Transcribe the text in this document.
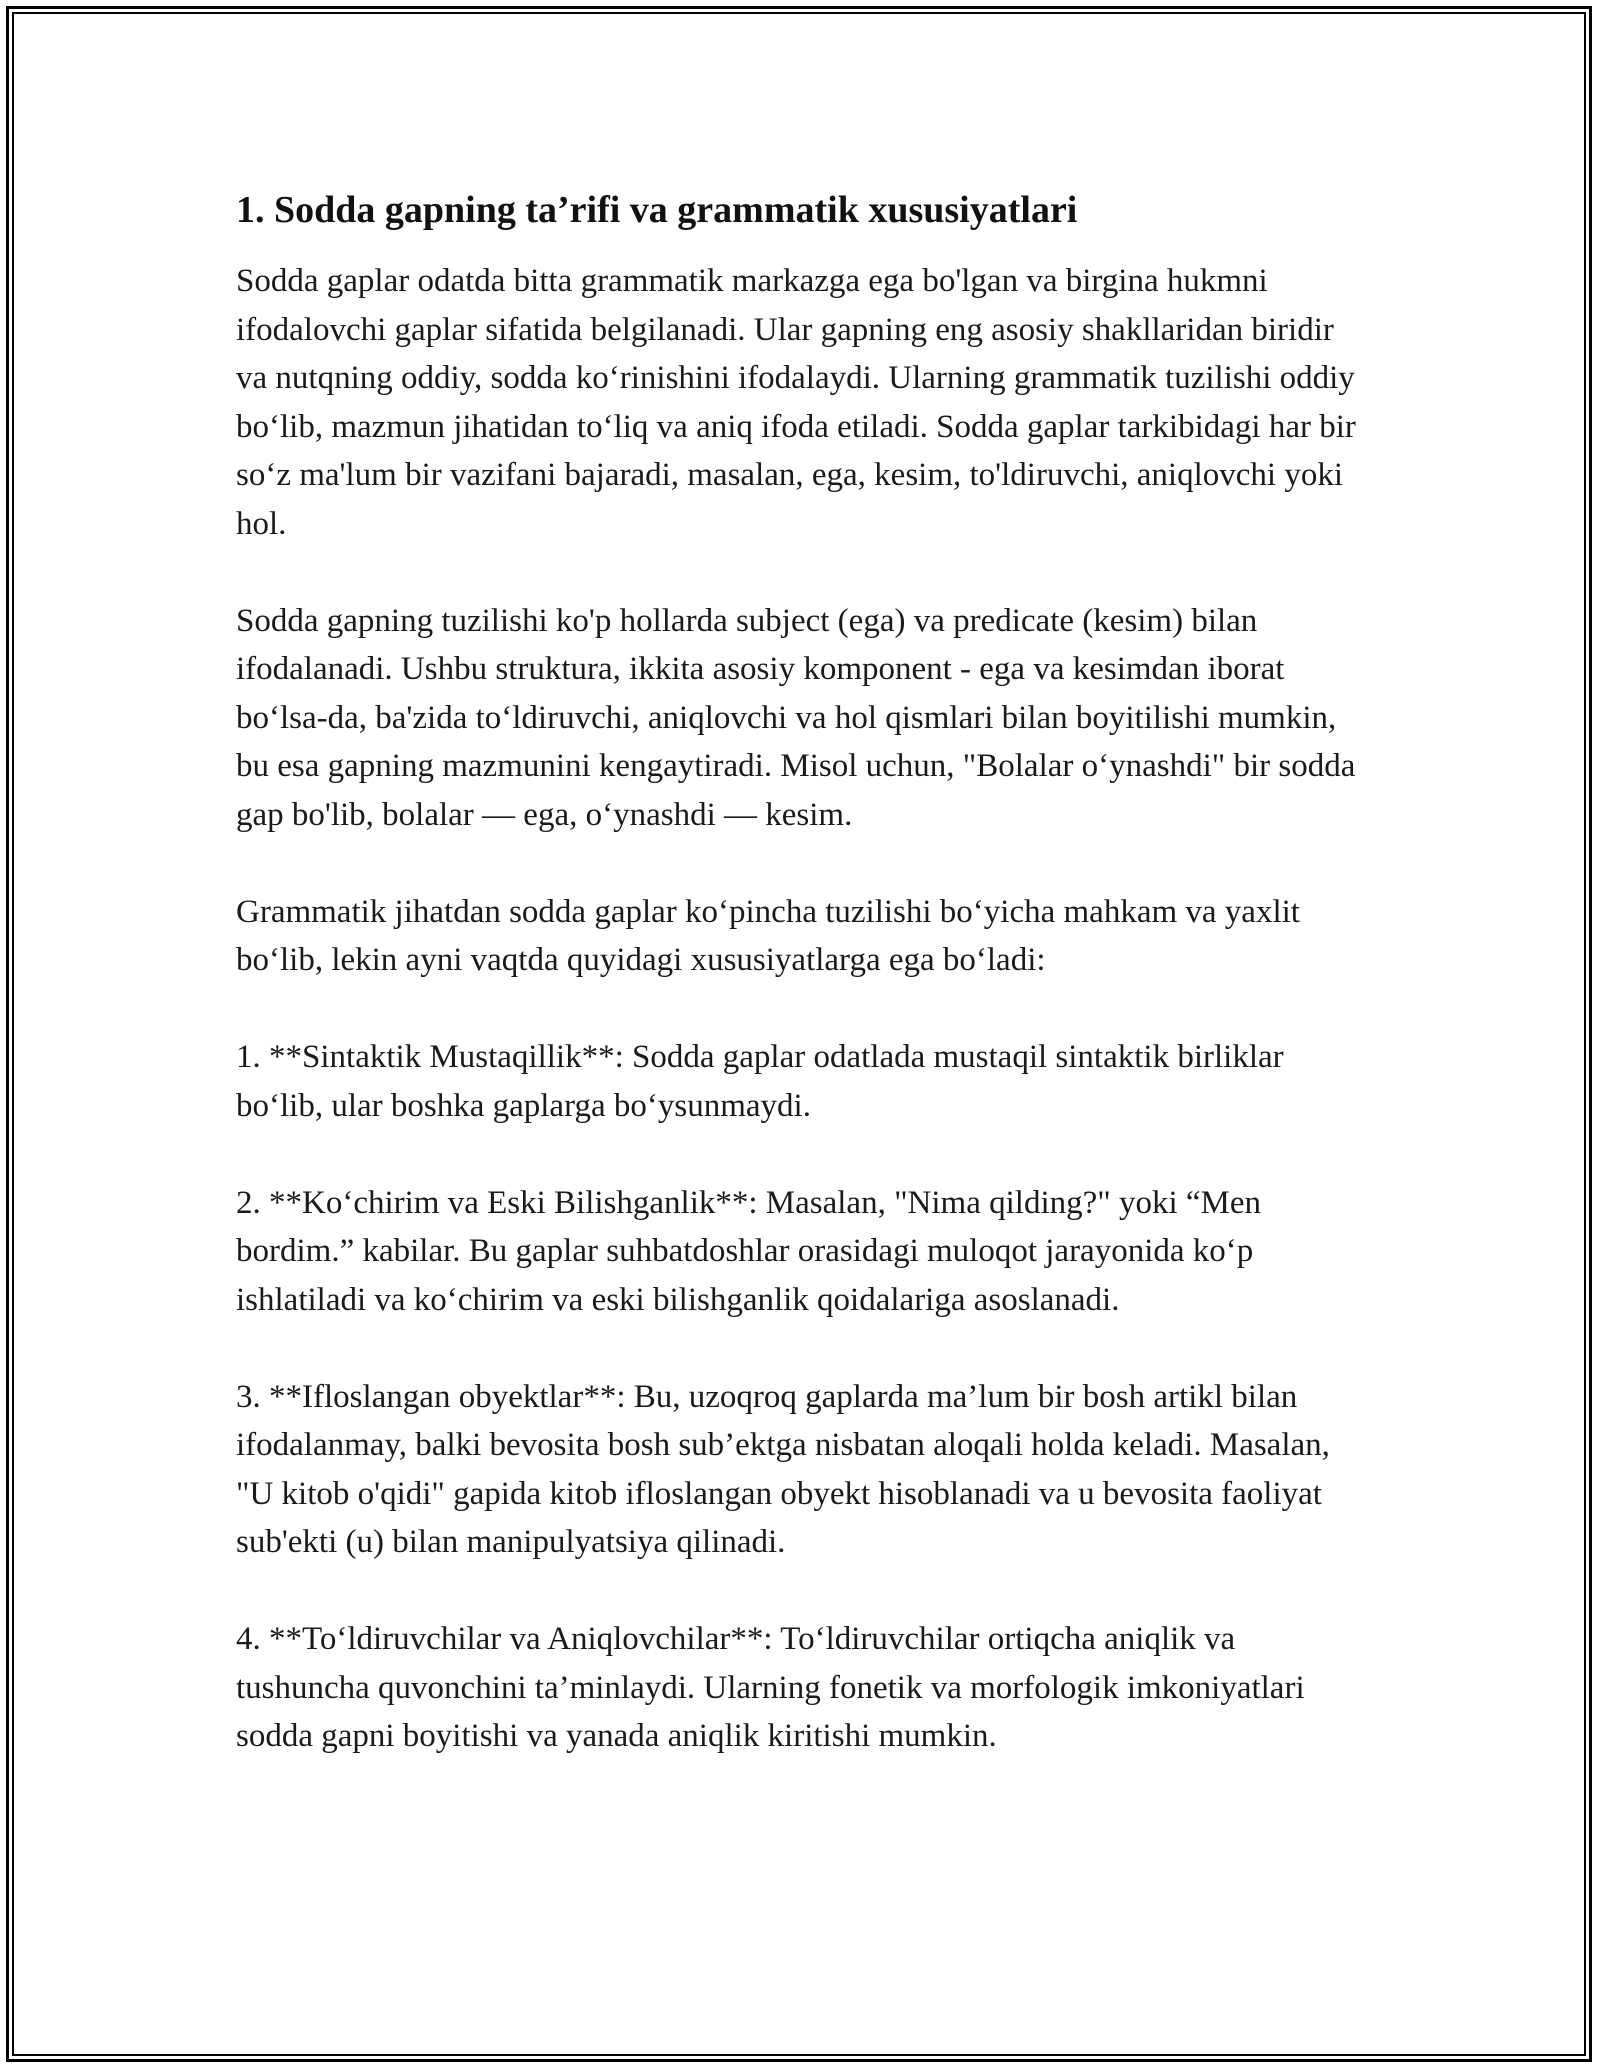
1. Sodda gapning ta’rifi va grammatik xususiyatlari

Sodda gaplar odatda bitta grammatik markazga ega bo'lgan va birgina hukmni ifodalovchi gaplar sifatida belgilanadi. Ular gapning eng asosiy shakllaridan biridir va nutqning oddiy, sodda ko‘rinishini ifodalaydi. Ularning grammatik tuzilishi oddiy bo‘lib, mazmun jihatidan to‘liq va aniq ifoda etiladi. Sodda gaplar tarkibidagi har bir so‘z ma'lum bir vazifani bajaradi, masalan, ega, kesim, to'ldiruvchi, aniqlovchi yoki hol.

Sodda gapning tuzilishi ko'p hollarda subject (ega) va predicate (kesim) bilan ifodalanadi. Ushbu struktura, ikkita asosiy komponent - ega va kesimdan iborat bo‘lsa-da, ba'zida to‘ldiruvchi, aniqlovchi va hol qismlari bilan boyitilishi mumkin, bu esa gapning mazmunini kengaytiradi. Misol uchun, "Bolalar o‘ynashdi" bir sodda gap bo'lib, bolalar — ega, o‘ynashdi — kesim.

Grammatik jihatdan sodda gaplar ko‘pincha tuzilishi bo‘yicha mahkam va yaxlit bo‘lib, lekin ayni vaqtda quyidagi xususiyatlarga ega bo‘ladi:

1. **Sintaktik Mustaqillik**: Sodda gaplar odatlada mustaqil sintaktik birliklar bo‘lib, ular boshka gaplarga bo‘ysunmaydi.

2. **Ko‘chirim va Eski Bilishganlik**: Masalan, "Nima qilding?" yoki “Men bordim.” kabilar. Bu gaplar suhbatdoshlar orasidagi muloqot jarayonida ko‘p ishlatiladi va ko‘chirim va eski bilishganlik qoidalariga asoslanadi.

3. **Ifloslangan obyektlar**: Bu, uzoqroq gaplarda ma’lum bir bosh artikl bilan ifodalanmay, balki bevosita bosh sub’ektga nisbatan aloqali holda keladi. Masalan, "U kitob o'qidi" gapida kitob ifloslangan obyekt hisoblanadi va u bevosita faoliyat sub'ekti (u) bilan manipulyatsiya qilinadi.

4. **To‘ldiruvchilar va Aniqlovchilar**: To‘ldiruvchilar ortiqcha aniqlik va tushuncha quvonchini ta’minlaydi. Ularning fonetik va morfologik imkoniyatlari sodda gapni boyitishi va yanada aniqlik kiritishi mumkin.
